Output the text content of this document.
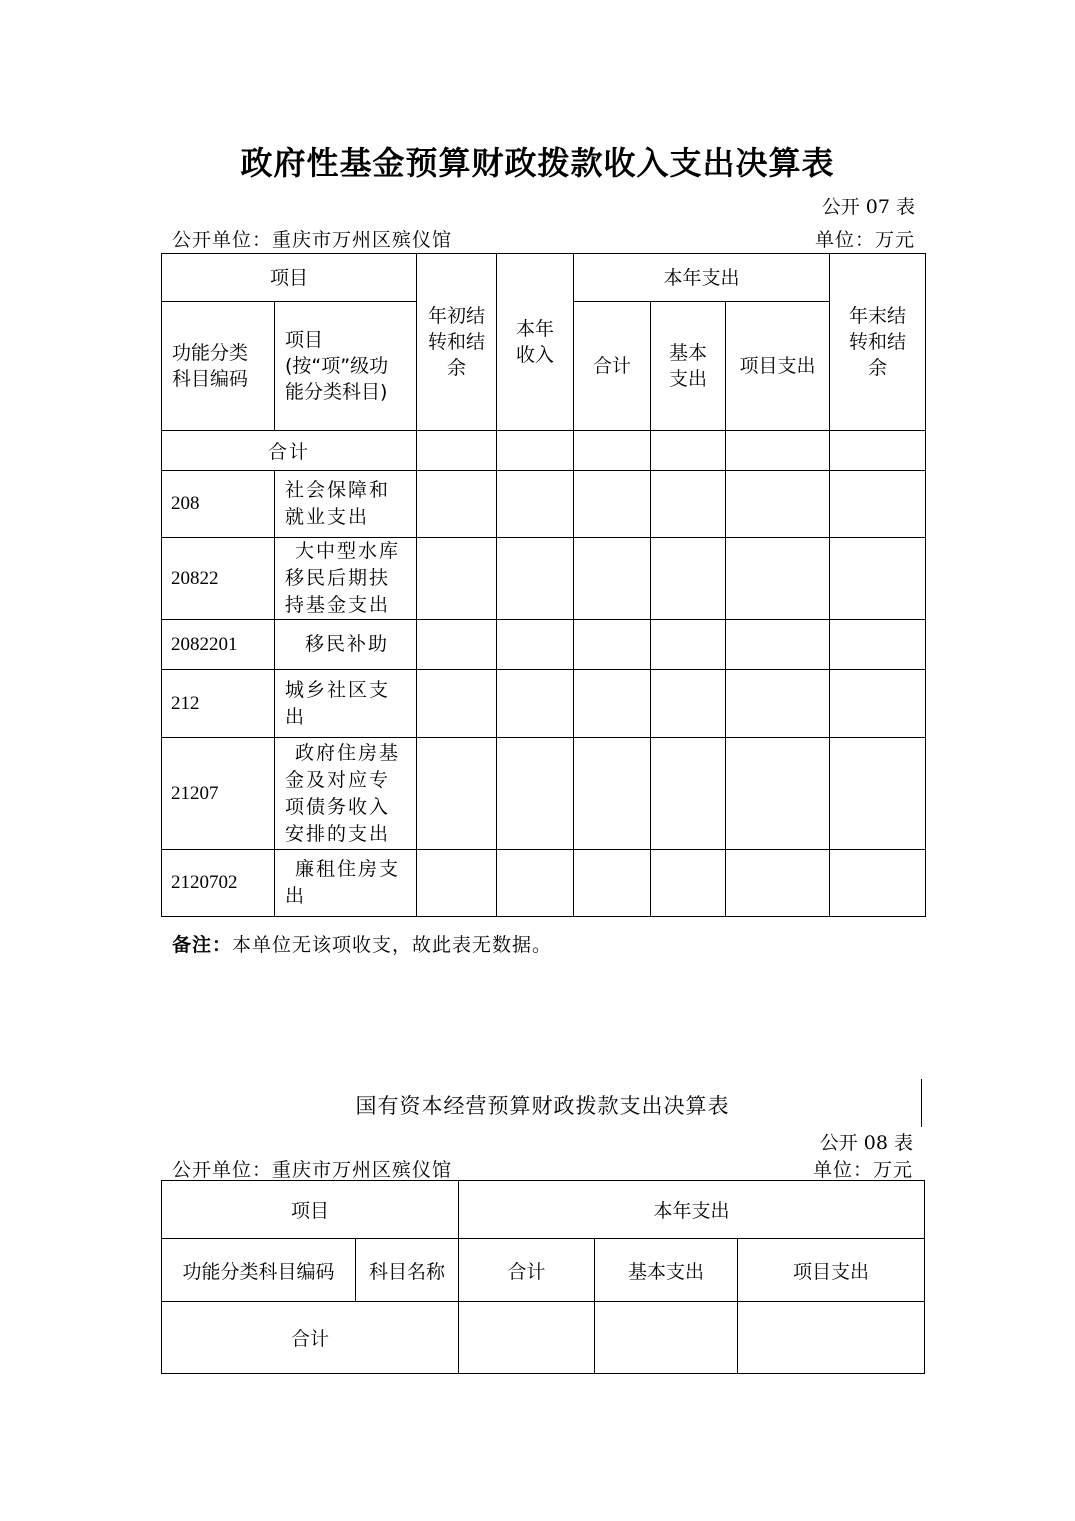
政府性基金预算财政拨款收入支出决算表
公开 07 表
公开单位：重庆市万州区殡仪馆	单位：万元
项目		年初结转和结余	本年收入	本年支出			年末结转和结余
功能分类科目编码	项目(按“项”级功能分类科目)			合计	基本支出	项目支出	
合计							
208	社会保障和就业支出						
20822	大中型水库移民后期扶持基金支出						
2082201	移民补助						
212	城乡社区支出						
21207	政府住房基金及对应专项债务收入安排的支出						
2120702	廉租住房支出						
备注：本单位无该项收支，故此表无数据。
国有资本经营预算财政拨款支出决算表
公开 08 表
公开单位：重庆市万州区殡仪馆	单位：万元
项目		本年支出		
功能分类科目编码	科目名称	合计	基本支出	项目支出
合计				
